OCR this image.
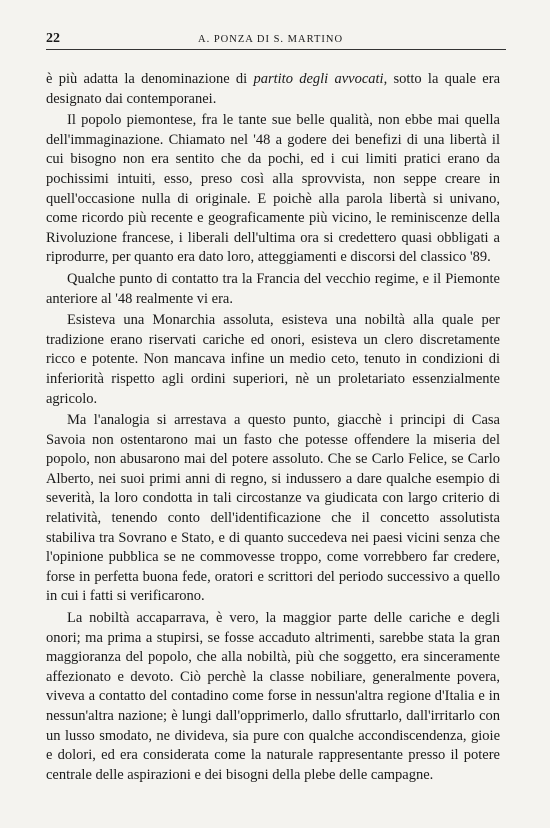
22	A. PONZA DI S. MARTINO

è più adatta la denominazione di partito degli avvocati, sotto la quale era designato dai contemporanei.

Il popolo piemontese, fra le tante sue belle qualità, non ebbe mai quella dell'immaginazione. Chiamato nel '48 a godere dei benefizi di una libertà il cui bisogno non era sentito che da pochi, ed i cui limiti pratici erano da pochissimi intuiti, esso, preso così alla sprovvista, non seppe creare in quell'occasione nulla di originale. E poichè alla parola libertà si univano, come ricordo più recente e geograficamente più vicino, le reminiscenze della Rivoluzione francese, i liberali dell'ultima ora si credettero quasi obbligati a riprodurre, per quanto era dato loro, atteggiamenti e discorsi del classico '89.

Qualche punto di contatto tra la Francia del vecchio regime, e il Piemonte anteriore al '48 realmente vi era.

Esisteva una Monarchia assoluta, esisteva una nobiltà alla quale per tradizione erano riservati cariche ed onori, esisteva un clero discretamente ricco e potente. Non mancava infine un medio ceto, tenuto in condizioni di inferiorità rispetto agli ordini superiori, nè un proletariato essenzialmente agricolo.

Ma l'analogia si arrestava a questo punto, giacchè i principi di Casa Savoia non ostentarono mai un fasto che potesse offendere la miseria del popolo, non abusarono mai del potere assoluto. Che se Carlo Felice, se Carlo Alberto, nei suoi primi anni di regno, si indussero a dare qualche esempio di severità, la loro condotta in tali circostanze va giudicata con largo criterio di relatività, tenendo conto dell'identificazione che il concetto assolutista stabiliva tra Sovrano e Stato, e di quanto succedeva nei paesi vicini senza che l'opinione pubblica se ne commovesse troppo, come vorrebbero far credere, forse in perfetta buona fede, oratori e scrittori del periodo successivo a quello in cui i fatti si verificarono.

La nobiltà accaparrava, è vero, la maggior parte delle cariche e degli onori; ma prima a stupirsi, se fosse accaduto altrimenti, sarebbe stata la gran maggioranza del popolo, che alla nobiltà, più che soggetto, era sinceramente affezionato e devoto. Ciò perchè la classe nobiliare, generalmente povera, viveva a contatto del contadino come forse in nessun'altra regione d'Italia e in nessun'altra nazione; è lungi dall'opprimerlo, dallo sfruttarlo, dall'irritarlo con un lusso smodato, ne divideva, sia pure con qualche accondiscendenza, gioie e dolori, ed era considerata come la naturale rappresentante presso il potere centrale delle aspirazioni e dei bisogni della plebe delle campagne.
